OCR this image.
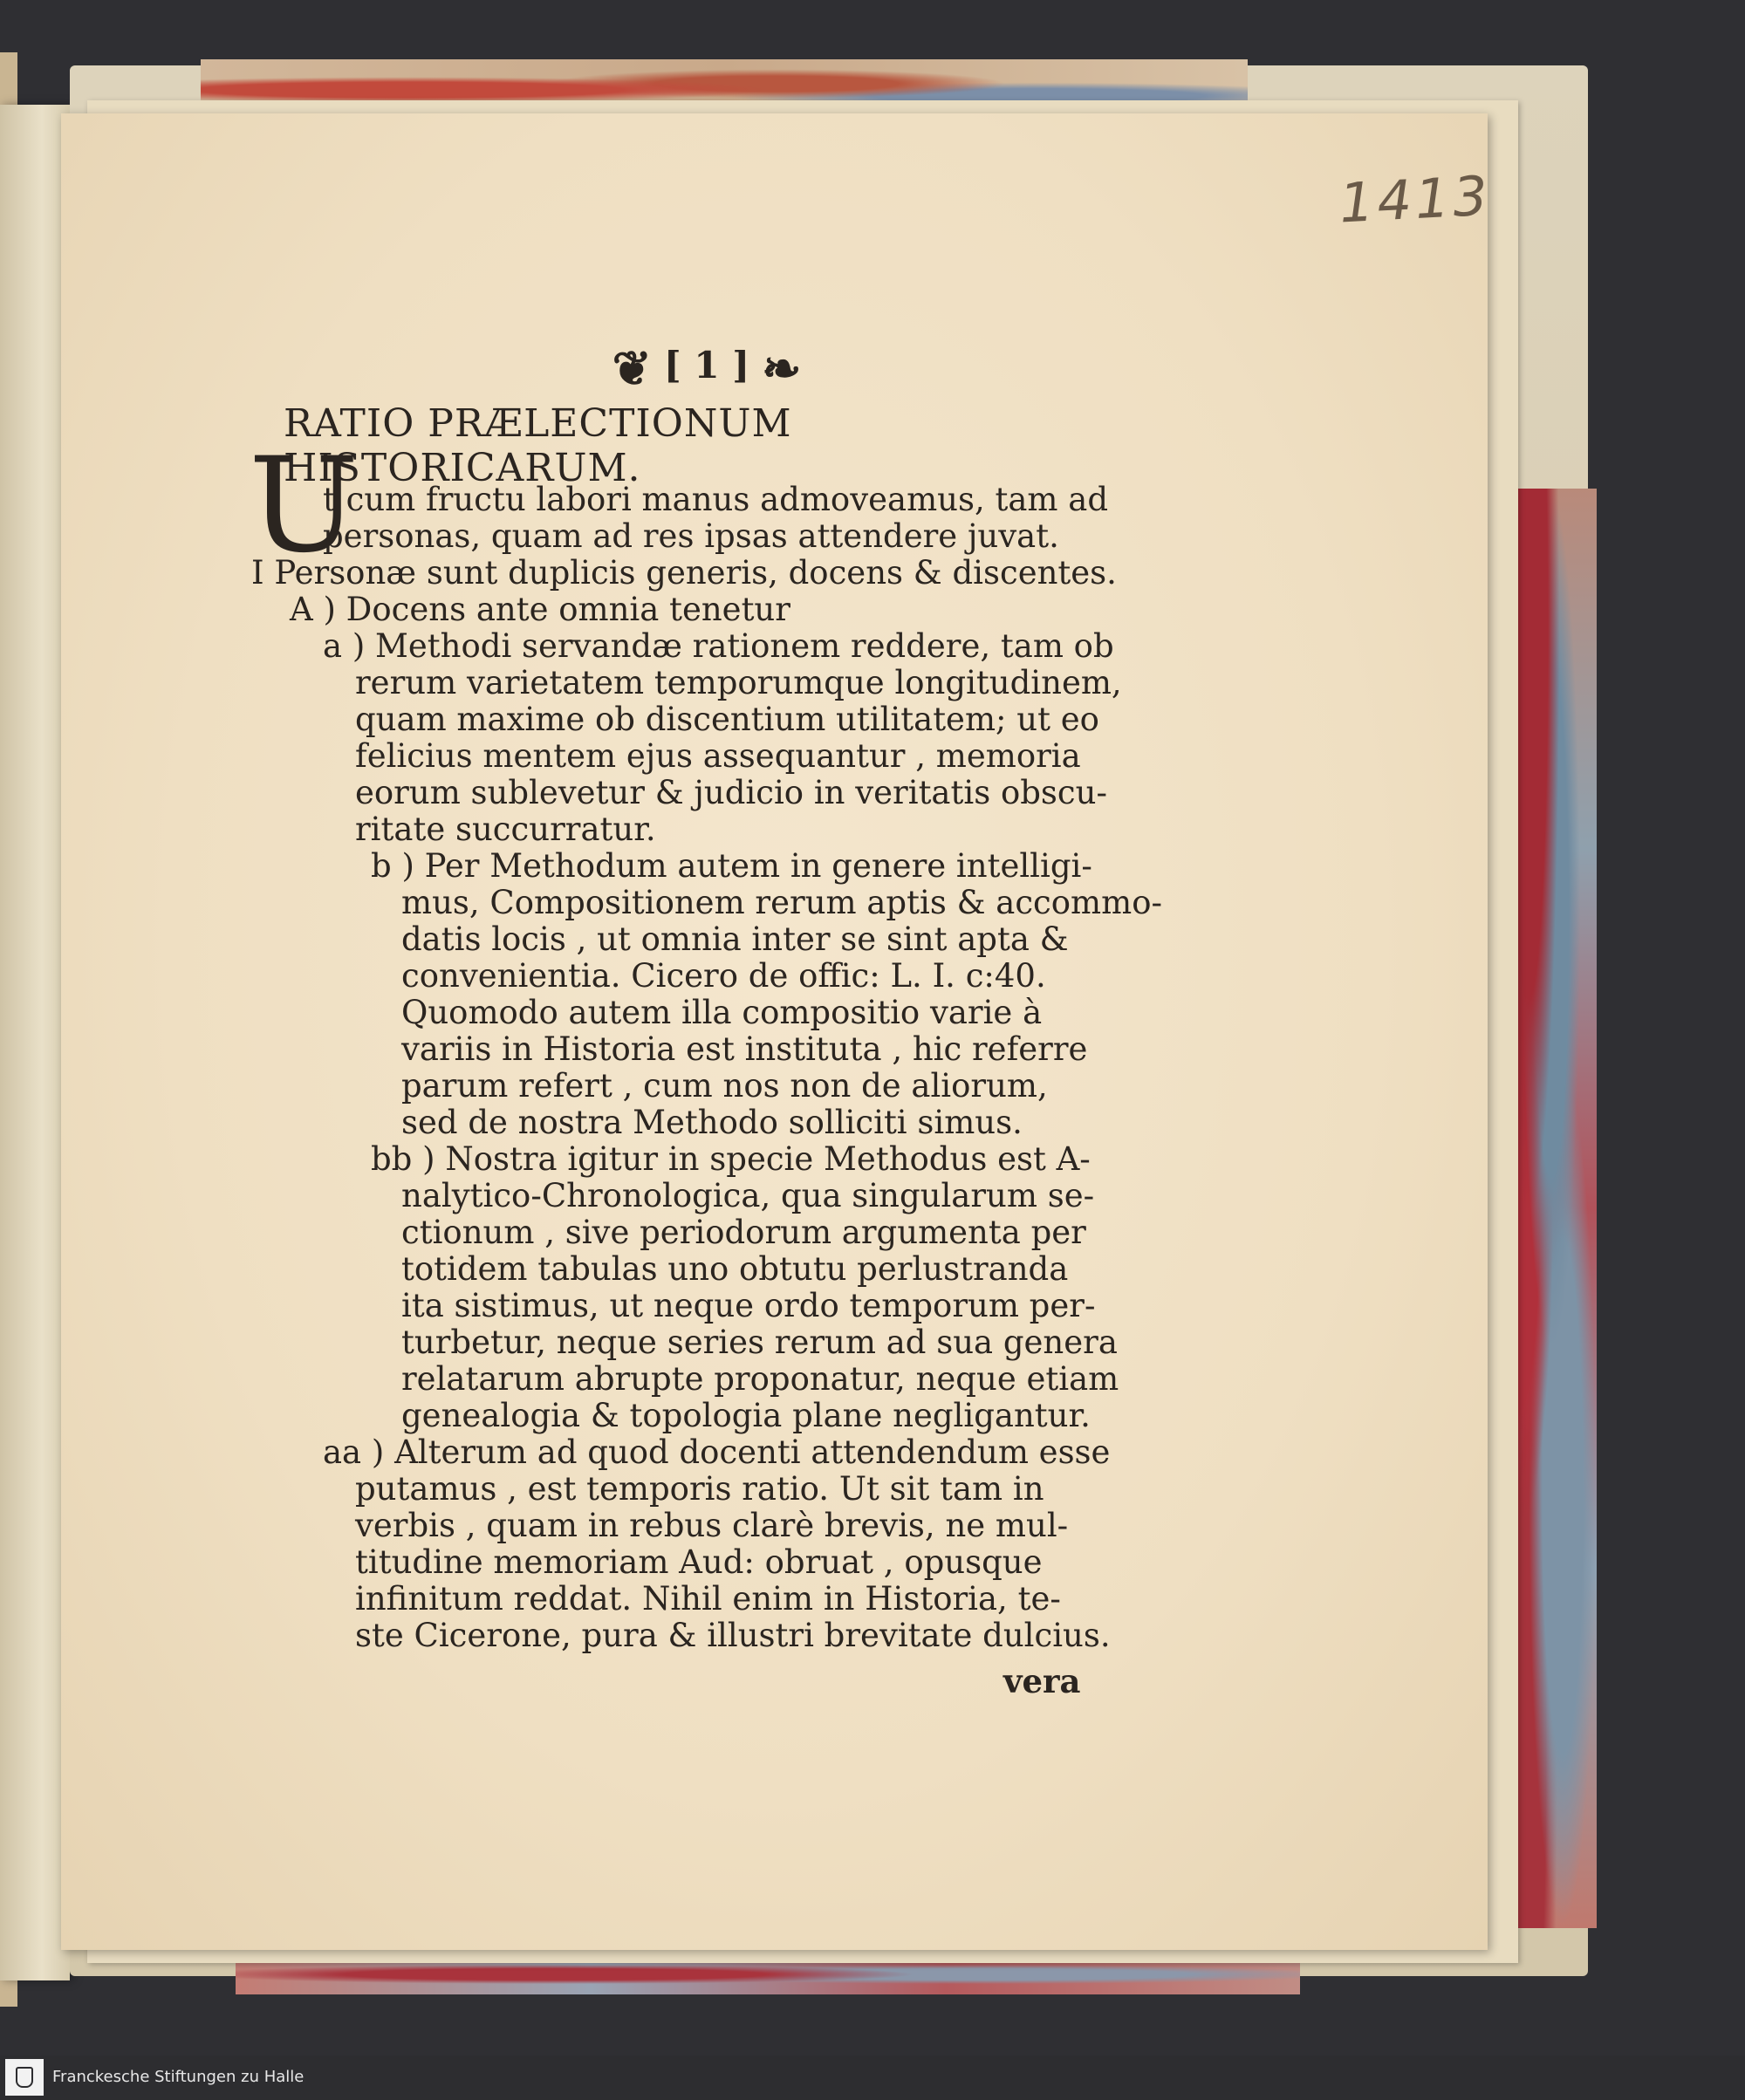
1413
❦ [ 1 ] ❧
RATIO PRÆLECTIONUM HISTORICARUM.
U
t cum fructu labori manus admoveamus, tam ad
personas, quam ad res ipsas attendere juvat.
I Personæ sunt duplicis generis, docens & discentes.
A ) Docens ante omnia tenetur
a ) Methodi servandæ rationem reddere, tam ob
rerum varietatem temporumque longitudinem,
quam maxime ob discentium utilitatem; ut eo
felicius mentem ejus assequantur , memoria
eorum sublevetur & judicio in veritatis obscu-
ritate succurratur.
b ) Per Methodum autem in genere intelligi-
mus, Compositionem rerum aptis & accommo-
datis locis , ut omnia inter se sint apta &
convenientia. Cicero de offic: L. I. c:40.
Quomodo autem illa compositio varie à
variis in Historia est instituta , hic referre
parum refert , cum nos non de aliorum,
sed de nostra Methodo solliciti simus.
bb ) Nostra igitur in specie Methodus est A-
nalytico-Chronologica, qua singularum se-
ctionum , sive periodorum argumenta per
totidem tabulas uno obtutu perlustranda
ita sistimus, ut neque ordo temporum per-
turbetur, neque series rerum ad sua genera
relatarum abrupte proponatur, neque etiam
genealogia & topologia plane negligantur.
aa ) Alterum ad quod docenti attendendum esse
putamus , est temporis ratio. Ut sit tam in
verbis , quam in rebus clarè brevis, ne mul-
titudine memoriam Aud: obruat , opusque
infinitum reddat. Nihil enim in Historia, te-
ste Cicerone, pura & illustri brevitate dulcius.
vera
Franckesche Stiftungen zu Halle
